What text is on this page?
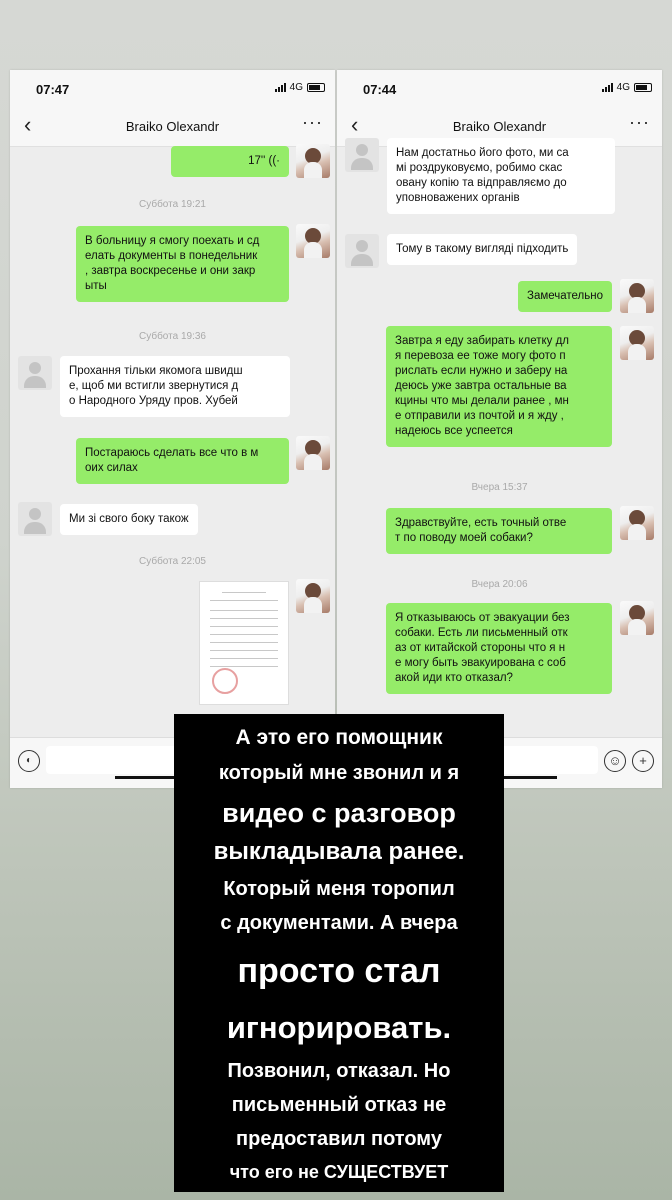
07:47	4G
‹	Braiko Olexandr	···
17'' ((·
Суббота 19:21
В больницу я смогу поехать и сд
елать документы в понедельник
, завтра воскресенье и они закр
ыты
Суббота 19:36
Прохання тільки якомога швидш
е, щоб ми встигли звернутися д
о Народного Уряду пров. Хубей
Постараюсь сделать все что в м
оих силах
Ми зі свого боку також
Суббота 22:05
◐
07:44	4G
‹	Braiko Olexandr	···
Нам достатньо його фото, ми са
мі роздруковуємо, робимо скас
овану копію та відправляємо до
уповноважених органів
Тому в такому вигляді підходить
Замечательно
Завтра я еду забирать клетку дл
я перевоза ее тоже могу фото п
рислать если нужно и заберу на
деюсь уже завтра остальные ва
кцины что мы делали ранее , мн
е отправили из почтой и я жду ,
надеюсь все успеется
Вчера 15:37
Здравствуйте, есть точный отве
т по поводу моей собаки?
Вчера 20:06
Я отказываюсь от эвакуации без
собаки. Есть ли письменный отк
аз от китайской стороны что я н
е могу быть эвакуирована с соб
акой иди кто отказал?
☺	+
А это его помощник
который мне звонил и я
видео с разговор
выкладывала ранее.
Который меня торопил
с документами. А вчера
просто стал
игнорировать.
Позвонил, отказал. Но
письменный отказ не
предоставил потому
что его не СУЩЕСТВУЕТ
